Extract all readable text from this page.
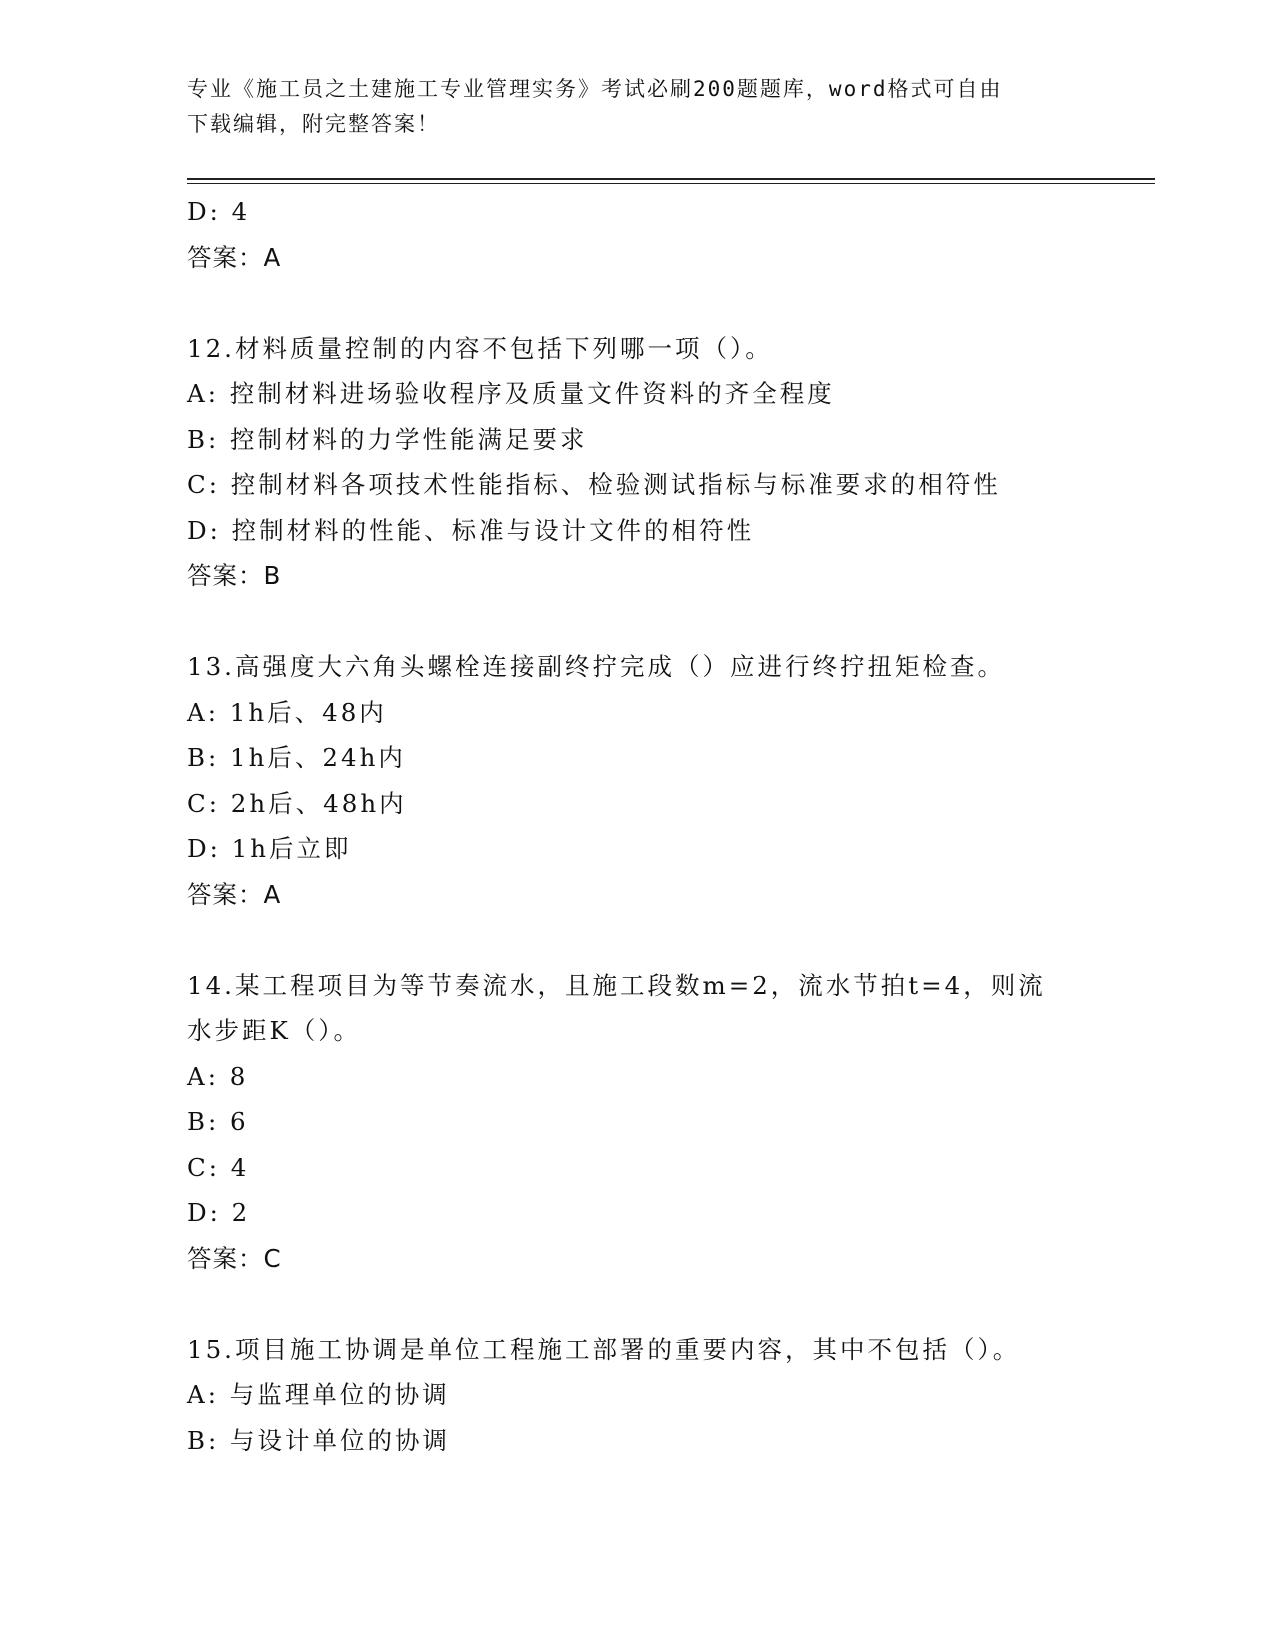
专业《施工员之土建施工专业管理实务》考试必刷200题题库，word格式可自由
下载编辑，附完整答案！
D: 4
答案：A
12.材料质量控制的内容不包括下列哪一项（）。
A: 控制材料进场验收程序及质量文件资料的齐全程度
B: 控制材料的力学性能满足要求
C: 控制材料各项技术性能指标、检验测试指标与标准要求的相符性
D: 控制材料的性能、标准与设计文件的相符性
答案：B
13.高强度大六角头螺栓连接副终拧完成（）应进行终拧扭矩检查。
A: 1h后、48内
B: 1h后、24h内
C: 2h后、48h内
D: 1h后立即
答案：A
14.某工程项目为等节奏流水，且施工段数m=2，流水节拍t=4，则流
水步距K（）。
A: 8
B: 6
C: 4
D: 2
答案：C
15.项目施工协调是单位工程施工部署的重要内容，其中不包括（）。
A: 与监理单位的协调
B: 与设计单位的协调
